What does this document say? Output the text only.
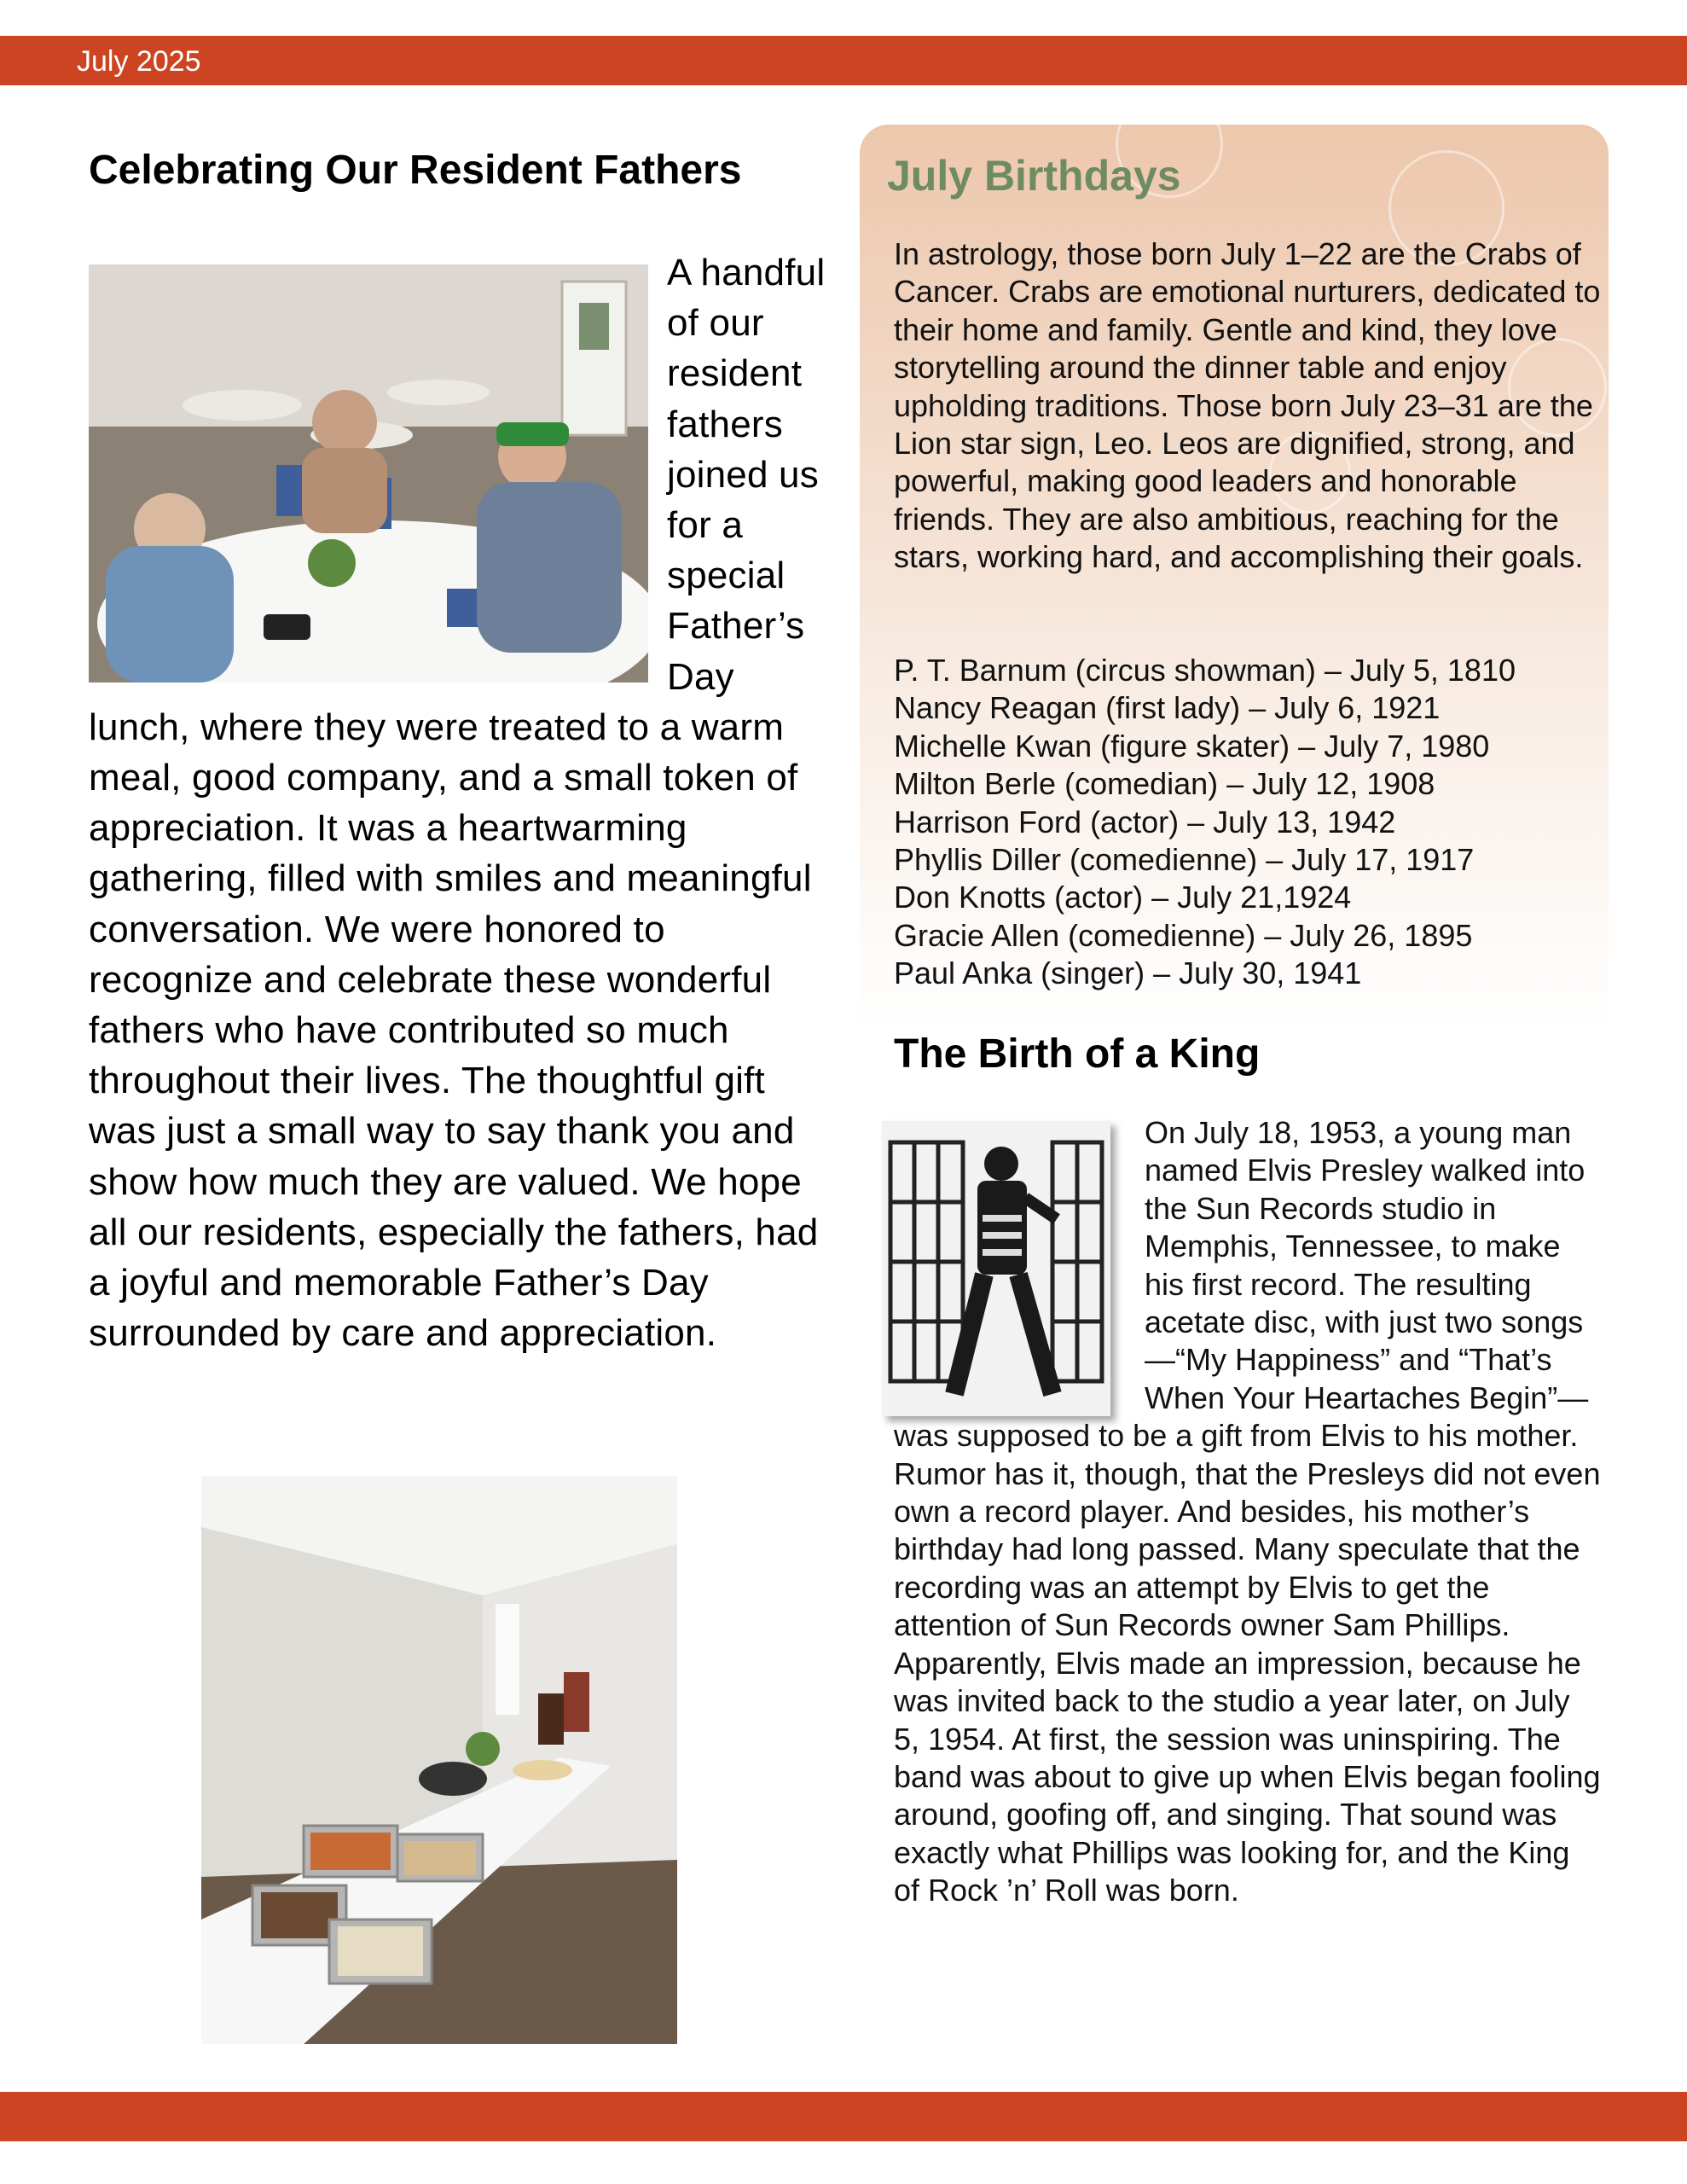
July 2025
Celebrating Our Resident Fathers
A handful of our resident fathers joined us for a special Father’s Day lunch, where they were treated to a warm meal, good company, and a small token of appreciation. It was a heartwarming gathering, filled with smiles and meaningful conversation. We were honored to recognize and celebrate these wonderful fathers who have contributed so much throughout their lives. The thoughtful gift was just a small way to say thank you and show how much they are valued. We hope all our residents, especially the fathers, had a joyful and memorable Father’s Day surrounded by care and appreciation.
July Birthdays
In astrology, those born July 1–22 are the Crabs of Cancer. Crabs are emotional nurturers, dedicated to their home and family. Gentle and kind, they love storytelling around the dinner table and enjoy upholding traditions. Those born July 23–31 are the Lion star sign, Leo. Leos are dignified, strong, and powerful, making good leaders and honorable friends. They are also ambitious, reaching for the stars, working hard, and accomplishing their goals.
P. T. Barnum (circus showman) – July 5, 1810
Nancy Reagan (first lady) – July 6, 1921
Michelle Kwan (figure skater) – July 7, 1980
Milton Berle (comedian) – July 12, 1908
Harrison Ford (actor) – July 13, 1942
Phyllis Diller (comedienne) – July 17, 1917
Don Knotts (actor) – July 21,1924
Gracie Allen (comedienne) – July 26, 1895
Paul Anka (singer) – July 30, 1941
The Birth of a King
On July 18, 1953, a young man named Elvis Presley walked into the Sun Records studio in Memphis, Tennessee, to make his first record. The resulting acetate disc, with just two songs—“My Happiness” and “That’s When Your Heartaches Begin”—was supposed to be a gift from Elvis to his mother. Rumor has it, though, that the Presleys did not even own a record player. And besides, his mother’s birthday had long passed. Many speculate that the recording was an attempt by Elvis to get the attention of Sun Records owner Sam Phillips. Apparently, Elvis made an impression, because he was invited back to the studio a year later, on July 5, 1954. At first, the session was uninspiring. The band was about to give up when Elvis began fooling around, goofing off, and singing. That sound was exactly what Phillips was looking for, and the King of Rock ’n’ Roll was born.
